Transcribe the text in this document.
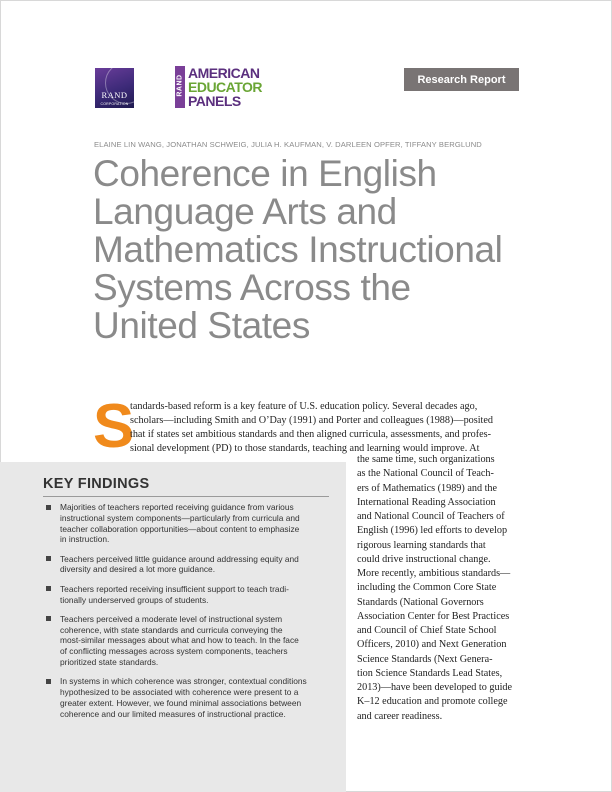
RAND
CORPORATION
RAND
AMERICAN
EDUCATOR
PANELS
Research Report
ELAINE LIN WANG, JONATHAN SCHWEIG, JULIA H. KAUFMAN, V. DARLEEN OPFER, TIFFANY BERGLUND
Coherence in English
Language Arts and
Mathematics Instructional
Systems Across the
United States
S
tandards-based reform is a key feature of U.S. education policy. Several decades ago,
scholars—including Smith and O’Day (1991) and Porter and colleagues (1988)—posited
that if states set ambitious standards and then aligned curricula, assessments, and profes-
sional development (PD) to those standards, teaching and learning would improve. At
the same time, such organizations
as the National Council of Teach-
ers of Mathematics (1989) and the
International Reading Association
and National Council of Teachers of
English (1996) led efforts to develop
rigorous learning standards that
could drive instructional change.
More recently, ambitious standards—
including the Common Core State
Standards (National Governors
Association Center for Best Practices
and Council of Chief State School
Officers, 2010) and Next Generation
Science Standards (Next Genera-
tion Science Standards Lead States,
2013)—have been developed to guide
K–12 education and promote college
and career readiness.
KEY FINDINGS
Majorities of teachers reported receiving guidance from various
instructional system components—particularly from curricula and
teacher collaboration opportunities—about content to emphasize
in instruction.
Teachers perceived little guidance around addressing equity and
diversity and desired a lot more guidance.
Teachers reported receiving insufficient support to teach tradi-
tionally underserved groups of students.
Teachers perceived a moderate level of instructional system
coherence, with state standards and curricula conveying the
most-similar messages about what and how to teach. In the face
of conflicting messages across system components, teachers
prioritized state standards.
In systems in which coherence was stronger, contextual conditions
hypothesized to be associated with coherence were present to a
greater extent. However, we found minimal associations between
coherence and our limited measures of instructional practice.
